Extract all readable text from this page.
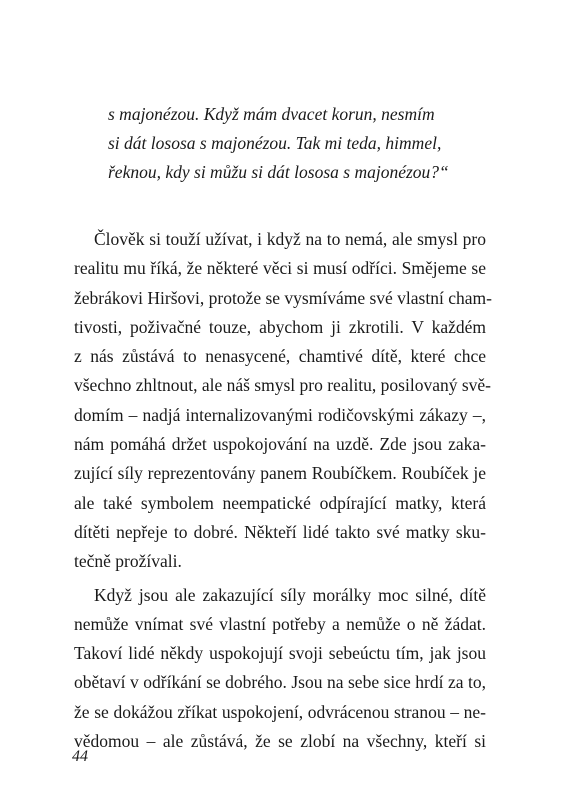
s majonézou. Když mám dvacet korun, nesmím
si dát lososa s majonézou. Tak mi teda, himmel,
řeknou, kdy si můžu si dát lososa s majonézou?“
Člověk si touží užívat, i když na to nemá, ale smysl pro
realitu mu říká, že některé věci si musí odříci. Smějeme se
žebrákovi Hiršovi, protože se vysmíváme své vlastní cham-
tivosti, poživačné touze, abychom ji zkrotili. V každém
z nás zůstává to nenasycené, chamtivé dítě, které chce
všechno zhltnout, ale náš smysl pro realitu, posilovaný svě-
domím – nadjá internalizovanými rodičovskými zákazy –,
nám pomáhá držet uspokojování na uzdě. Zde jsou zaka-
zující síly reprezentovány panem Roubíčkem. Roubíček je
ale také symbolem neempatické odpírající matky, která
dítěti nepřeje to dobré. Někteří lidé takto své matky sku-
tečně prožívali.
Když jsou ale zakazující síly morálky moc silné, dítě
nemůže vnímat své vlastní potřeby a nemůže o ně žádat.
Takoví lidé někdy uspokojují svoji sebeúctu tím, jak jsou
obětaví v odříkání se dobrého. Jsou na sebe sice hrdí za to,
že se dokážou zříkat uspokojení, odvrácenou stranou – ne-
vědomou – ale zůstává, že se zlobí na všechny, kteří si
44
